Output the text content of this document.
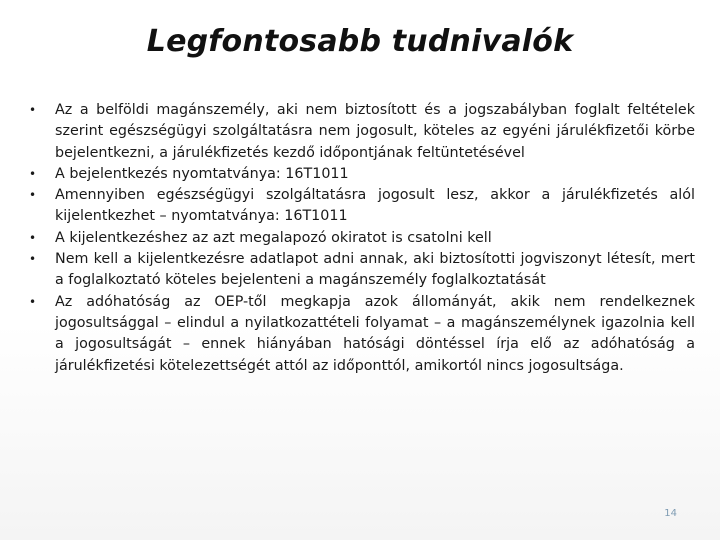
Legfontosabb tudnivalók
• Az a belföldi magánszemély, aki nem biztosított és a jogszabályban foglalt feltételek szerint egészségügyi szolgáltatásra nem jogosult, köteles az egyéni járulékfizetői körbe bejelentkezni, a járulékfizetés kezdő időpontjának feltüntetésével
• A bejelentkezés nyomtatványa: 16T1011
• Amennyiben egészségügyi szolgáltatásra jogosult lesz, akkor a járulékfizetés alól kijelentkezhet – nyomtatványa: 16T1011
• A kijelentkezéshez az azt megalapozó okiratot is csatolni kell
• Nem kell a kijelentkezésre adatlapot adni annak, aki biztosítotti jogviszonyt létesít, mert a foglalkoztató köteles bejelenteni a magánszemély foglalkoztatását
• Az adóhatóság az OEP-től megkapja azok állományát, akik nem rendelkeznek jogosultsággal – elindul a nyilatkozattételi folyamat – a magánszemélynek igazolnia kell a jogosultságát – ennek hiányában hatósági döntéssel írja elő az adóhatóság a járulékfizetési kötelezettségét attól az időponttól, amikortól nincs jogosultsága.
14
